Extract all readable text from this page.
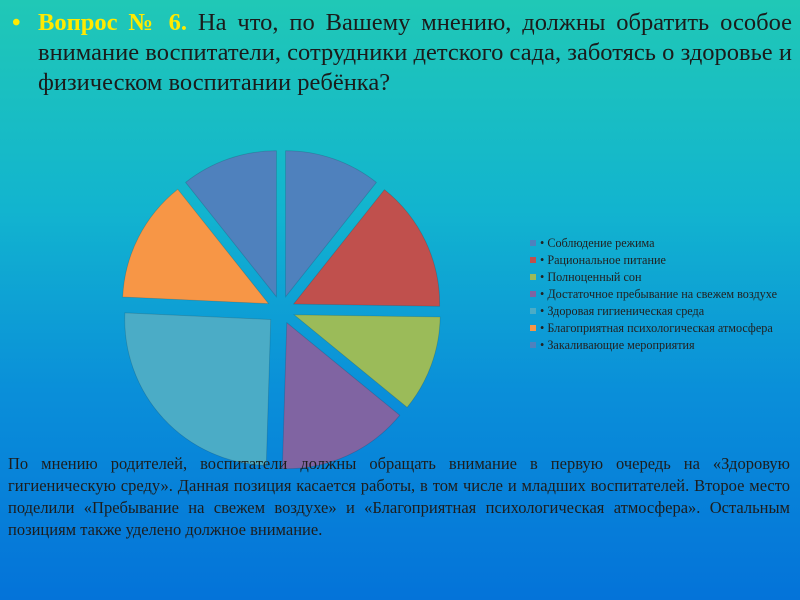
• Вопрос № 6. На что, по Вашему мнению, должны обратить особое внимание воспитатели, сотрудники детского сада, заботясь о здоровье и физическом воспитании ребёнка?
• Соблюдение режима
• Рациональное питание
• Полноценный сон
• Достаточное пребывание на свежем воздухе
• Здоровая гигиеническая среда
• Благоприятная психологическая атмосфера
• Закаливающие мероприятия
По мнению родителей, воспитатели должны обращать внимание в первую очередь на «Здоровую гигиеническую среду». Данная позиция касается работы, в том числе и младших воспитателей. Второе место поделили «Пребывание на свежем воздухе» и «Благоприятная психологическая атмосфера». Остальным позициям также уделено должное внимание.
